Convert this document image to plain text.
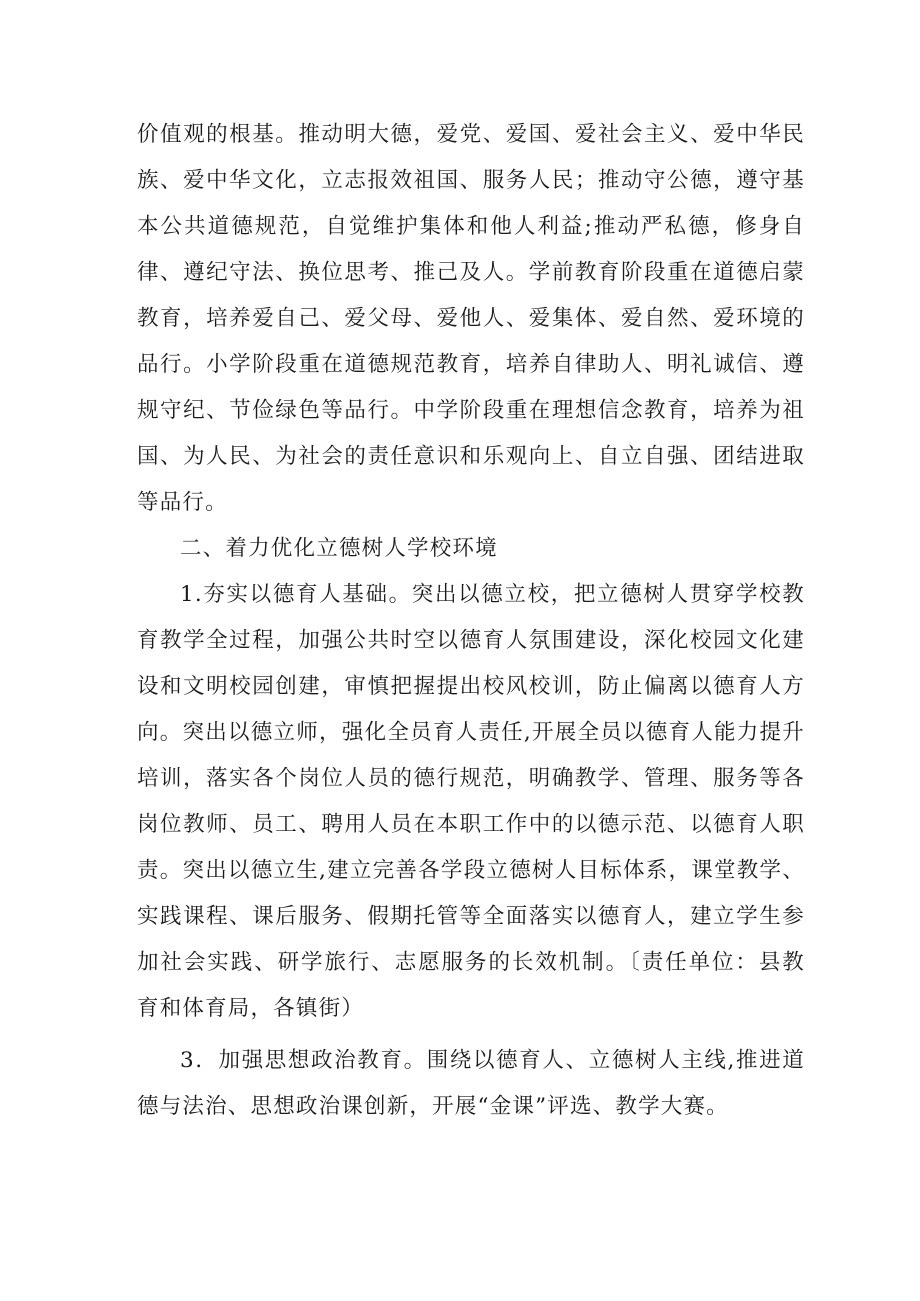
价值观的根基。推动明大德，爱党、爱国、爱社会主义、爱中华民族、爱中华文化，立志报效祖国、服务人民；推动守公德，遵守基本公共道德规范，自觉维护集体和他人利益;推动严私德，修身自律、遵纪守法、换位思考、推己及人。学前教育阶段重在道德启蒙教育，培养爱自己、爱父母、爱他人、爱集体、爱自然、爱环境的品行。小学阶段重在道德规范教育，培养自律助人、明礼诚信、遵规守纪、节俭绿色等品行。中学阶段重在理想信念教育，培养为祖国、为人民、为社会的责任意识和乐观向上、自立自强、团结进取等品行。

二、着力优化立德树人学校环境

1.夯实以德育人基础。突出以德立校，把立德树人贯穿学校教育教学全过程，加强公共时空以德育人氛围建设，深化校园文化建设和文明校园创建，审慎把握提出校风校训，防止偏离以德育人方向。突出以德立师，强化全员育人责任,开展全员以德育人能力提升培训，落实各个岗位人员的德行规范，明确教学、管理、服务等各岗位教师、员工、聘用人员在本职工作中的以德示范、以德育人职责。突出以德立生,建立完善各学段立德树人目标体系，课堂教学、实践课程、课后服务、假期托管等全面落实以德育人，建立学生参加社会实践、研学旅行、志愿服务的长效机制。〔责任单位：县教育和体育局，各镇街）

3．加强思想政治教育。围绕以德育人、立德树人主线,推进道德与法治、思想政治课创新，开展“金课”评选、教学大赛。
